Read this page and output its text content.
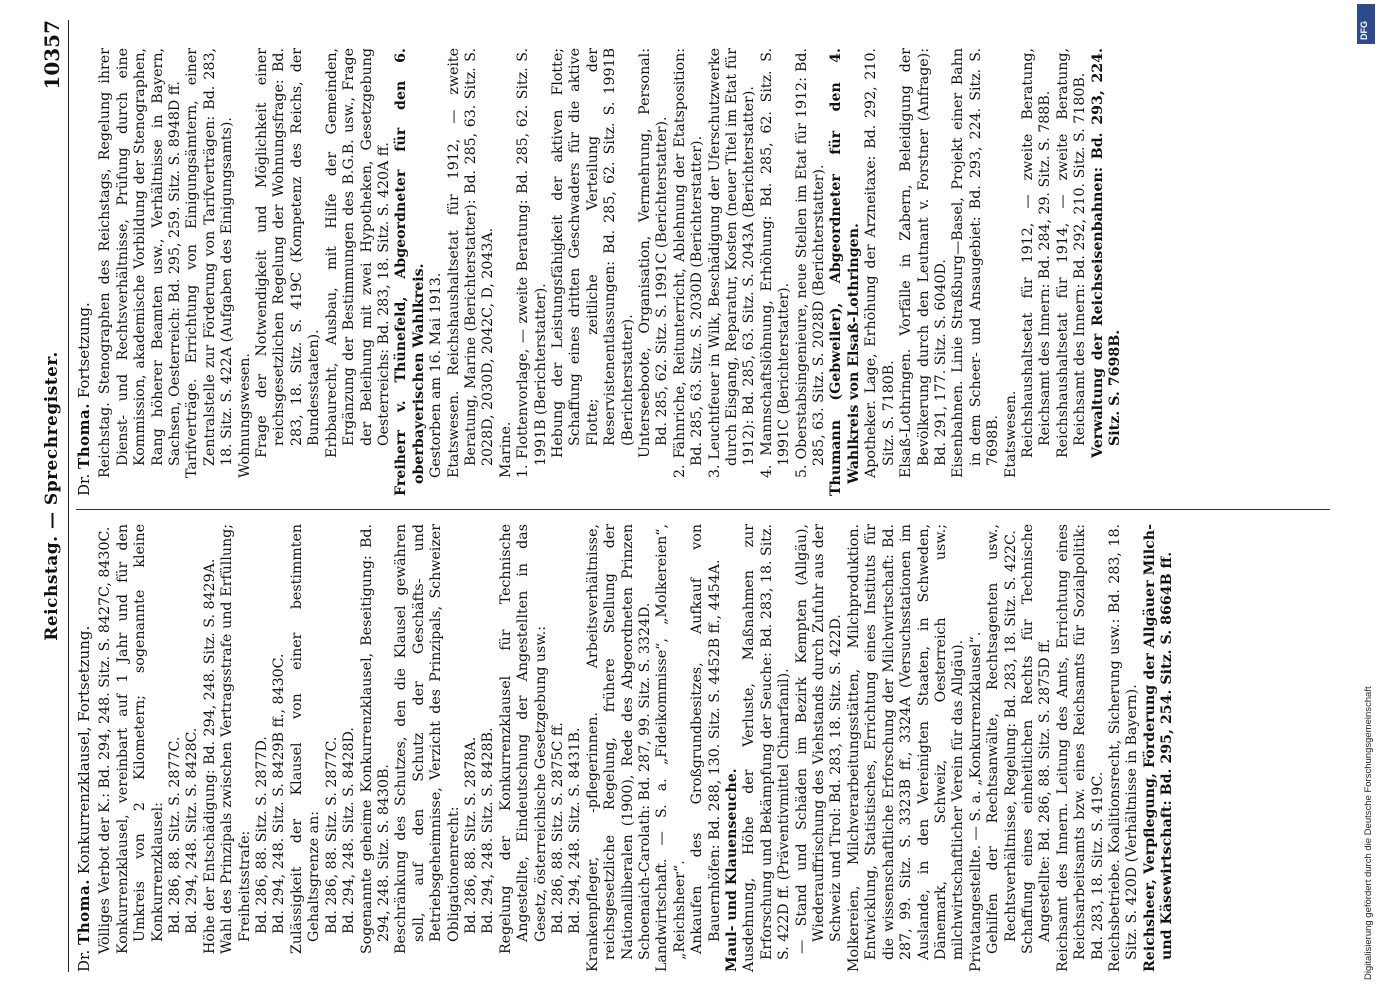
Reichstag. — Sprechregister.
10357
Dr. Thoma. Konkurrenzklausel, Fortsetzung. Völliges Verbot der K.: Bd. 294, 248. Sitz. S. 8427C, 8430C. Konkurrenzklausel, vereinbart auf 1 Jahr und für den Umkreis von 2 Kilometern; sogenannte kleine Konkurrenzklausel: Bd. 286, 88. Sitz. S. 2877C. Bd. 294, 248. Sitz. S. 8428C. Höhe der Entschädigung: Bd. 294, 248. Sitz. S. 8429A. Wahl des Prinzipals zwischen Vertragsstrafe und Erfüllung; Freiheitsstrafe: Bd. 286, 88. Sitz. S. 2877D. Bd. 294, 248. Sitz. S. 8429B ff., 8430C. Zulässigkeit der Klausel von einer bestimmten Gehaltsgrenze an: Bd. 286, 88. Sitz. S. 2877C. Bd. 294, 248. Sitz. S. 8428D. Sogenannte geheime Konkurrenzklausel, Beseitigung: Bd. 294, 248. Sitz. S. 8430B. Beschränkung des Schutzes, den die Klausel gewähren soll, auf den Schutz der Geschäfts- und Betriebsgeheimnisse, Verzicht des Prinzipals, Schweizer Obligationenrecht: Bd. 286, 88. Sitz. S. 2878A. Bd. 294, 248. Sitz. S. 8428B. Regelung der Konkurrenzklausel für Technische Angestellte, Eindeutschung der Angestellten in das Gesetz, österreichische Gesetzgebung usw.: Bd. 286, 88. Sitz. S. 2875C ff. Bd. 294, 248. Sitz. S. 8431B. Krankenpfleger, -pflegerinnen. Arbeitsverhältnisse, reichsgesetzliche Regelung, frühere Stellung der Nationalliberalen (1900), Rede des Abgeordneten Prinzen Schoenaich-Carolath: Bd. 287, 99. Sitz. S. 3324D. Landwirtschaft. — S. a. „Fideikommisse“, „Molkereien“, „Reichsheer“. Ankaufen des Großgrundbesitzes, Aufkauf von Bauernhöfen: Bd. 288, 130. Sitz. S. 4452B ff., 4454A. Maul- und Klauenseuche. Ausdehnung, Höhe der Verluste, Maßnahmen zur Erforschung und Bekämpfung der Seuche: Bd. 283, 18. Sitz. S. 422D ff. (Präventivmittel Chinarfanil). — Stand und Schäden im Bezirk Kempten (Allgäu), Wiederauffrischung des Viehstands durch Zufuhr aus der Schweiz und Tirol: Bd. 283, 18. Sitz. S. 422D. Molkereien, Milchverarbeitungsstätten, Milchproduktion. Entwicklung, Statistisches, Errichtung eines Instituts für die wissenschaftliche Erforschung der Milchwirtschaft: Bd. 287, 99. Sitz. S. 3323B ff., 3324A (Versuchsstationen im Auslande, in den Vereinigten Staaten, in Schweden, Dänemark, Schweiz, Oesterreich usw.; milchwirtschaftlicher Verein für das Allgäu). Privatangestellte. — S. a. „Konkurrenzklausel“. Gehilfen der Rechtsanwälte, Rechtsagenten usw., Rechtsverhältnisse, Regelung: Bd. 283, 18. Sitz. S. 422C. Schaffung eines einheitlichen Rechts für Technische Angestellte: Bd. 286, 88. Sitz. S. 2875D ff. Reichsamt des Innern. Leitung des Amts, Errichtung eines Reichsarbeitsamts bzw. eines Reichsamts für Sozialpolitik: Bd. 283, 18. Sitz. S. 419C. Reichsbetriebe. Koalitionsrecht, Sicherung usw.: Bd. 283, 18. Sitz. S. 420D (Verhältnisse in Bayern). Reichsheer, Verpflegung, Förderung der Allgäuer Milch- und Käsewirtschaft: Bd. 295, 254. Sitz. S. 8664B ff.

Dr. Thoma. Fortsetzung. Reichstag. Stenographen des Reichstags, Regelung ihrer Dienst- und Rechtsverhältnisse, Prüfung durch eine Kommission, akademische Vorbildung der Stenographen, Rang höherer Beamten usw., Verhältnisse in Bayern, Sachsen, Oesterreich: Bd. 295, 259. Sitz. S. 8948D ff. Tarifverträge. Errichtung von Einigungsämtern, einer Zentralstelle zur Förderung von Tarifverträgen: Bd. 283, 18. Sitz. S. 422A (Aufgaben des Einigungsamts). Wohnungswesen. Frage der Notwendigkeit und Möglichkeit einer reichsgesetzlichen Regelung der Wohnungsfrage: Bd. 283, 18. Sitz. S. 419C (Kompetenz des Reichs, der Bundesstaaten). Erbbaurecht, Ausbau, mit Hilfe der Gemeinden, Ergänzung der Bestimmungen des B.G.B. usw., Frage der Beleihung mit zwei Hypotheken, Gesetzgebung Oesterreichs: Bd. 283, 18. Sitz. S. 420A ff. Freiherr v. Thünefeld, Abgeordneter für den 6. oberbayerischen Wahlkreis. Gestorben am 16. Mai 1913. Etatswesen. Reichshaushaltsetat für 1912, — zweite Beratung, Marine (Berichterstatter): Bd. 285, 63. Sitz. S. 2028D, 2030D, 2042C, D, 2043A. Marine. 1. Flottenvorlage, — zweite Beratung: Bd. 285, 62. Sitz. S. 1991B (Berichterstatter). Hebung der Leistungsfähigkeit der aktiven Flotte; Schaffung eines dritten Geschwaders für die aktive Flotte; zeitliche Verteilung der Reservistenentlassungen: Bd. 285, 62. Sitz. S. 1991B (Berichterstatter). Unterseeboote, Organisation, Vermehrung, Personal: Bd. 285, 62. Sitz. S. 1991C (Berichterstatter). 2. Fähnriche, Reitunterricht, Ablehnung der Etatsposition: Bd. 285, 63. Sitz. S. 2030D (Berichterstatter). 3. Leuchtfeuer in Wilk, Beschädigung der Uferschutzwerke durch Eisgang, Reparatur, Kosten (neuer Titel im Etat für 1912): Bd. 285, 63. Sitz. S. 2043A (Berichterstatter). 4. Mannschaftslöhnung, Erhöhung: Bd. 285, 62. Sitz. S. 1991C (Berichterstatter). 5. Oberstabsingenieure, neue Stellen im Etat für 1912: Bd. 285, 63. Sitz. S. 2028D (Berichterstatter). Thumann (Gebweiler), Abgeordneter für den 4. Wahlkreis von Elsaß-Lothringen. Apotheker. Lage, Erhöhung der Arzneitaxe: Bd. 292, 210. Sitz. S. 7180B. Elsaß-Lothringen. Vorfälle in Zabern, Beleidigung der Bevölkerung durch den Leutnant v. Forstner (Anfrage): Bd. 291, 177. Sitz. S. 6040D. Eisenbahnen. Linie Straßburg—Basel, Projekt einer Bahn in dem Scheer- und Ansaugebiet: Bd. 293, 224. Sitz. S. 7698B. Etatswesen. Reichshaushaltsetat für 1912, — zweite Beratung, Reichsamt des Innern: Bd. 284, 29. Sitz. S. 788B. Reichshaushaltsetat für 1914, — zweite Beratung, Reichsamt des Innern: Bd. 292, 210. Sitz. S. 7180B. Verwaltung der Reichseisenbahnen: Bd. 293, 224. Sitz. S. 7698B.

DFG
Digitalisierung gefördert durch die Deutsche Forschungsgemeinschaft
